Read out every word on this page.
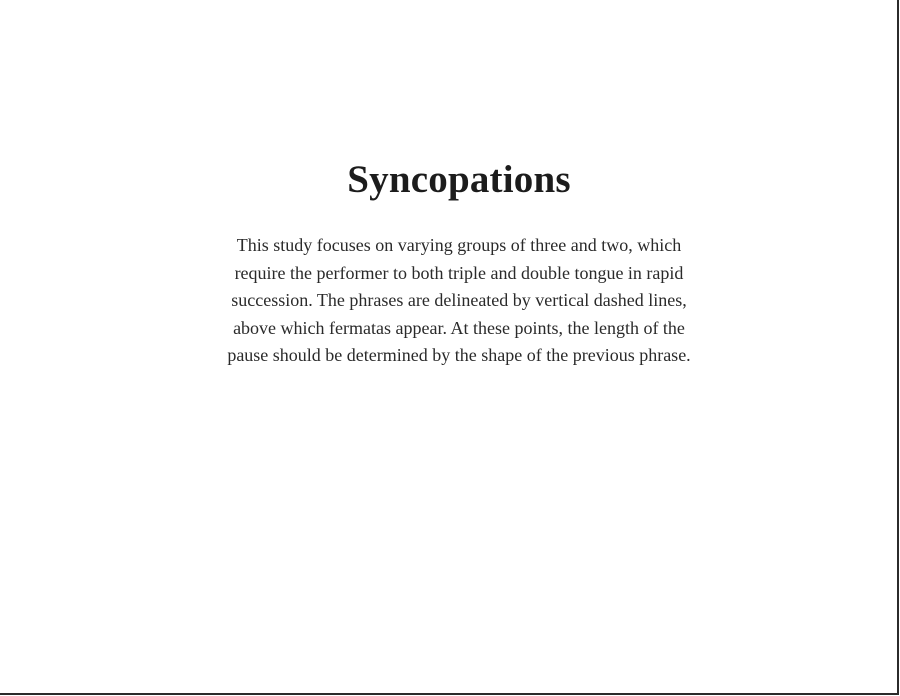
Syncopations

This study focuses on varying groups of three and two, which
require the performer to both triple and double tongue in rapid
succession. The phrases are delineated by vertical dashed lines,
above which fermatas appear. At these points, the length of the
pause should be determined by the shape of the previous phrase.
